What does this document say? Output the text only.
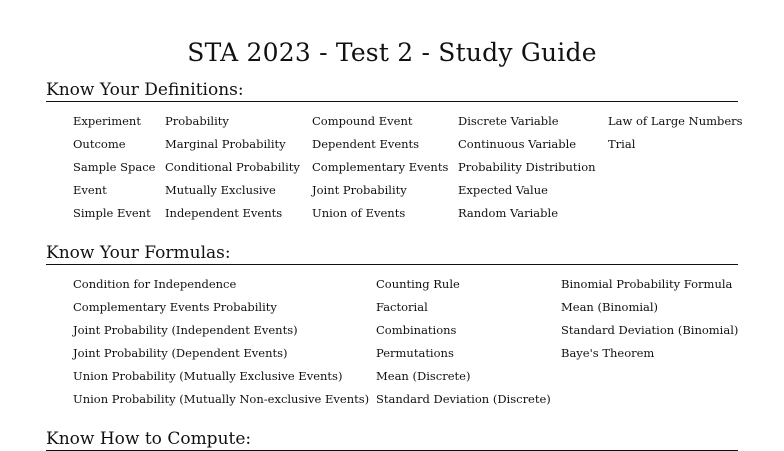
STA 2023 - Test 2 - Study Guide
Know Your Definitions:
Experiment
Outcome
Sample Space
Event
Simple Event
Probability
Marginal Probability
Conditional Probability
Mutually Exclusive
Independent Events
Compound Event
Dependent Events
Complementary Events
Joint Probability
Union of Events
Discrete Variable
Continuous Variable
Probability Distribution
Expected Value
Random Variable
Law of Large Numbers
Trial
Know Your Formulas:
Condition for Independence
Complementary Events Probability
Joint Probability (Independent Events)
Joint Probability (Dependent Events)
Union Probability (Mutually Exclusive Events)
Union Probability (Mutually Non-exclusive Events)
Counting Rule
Factorial
Combinations
Permutations
Mean (Discrete)
Standard Deviation (Discrete)
Binomial Probability Formula
Mean (Binomial)
Standard Deviation (Binomial)
Baye's Theorem
Know How to Compute:
